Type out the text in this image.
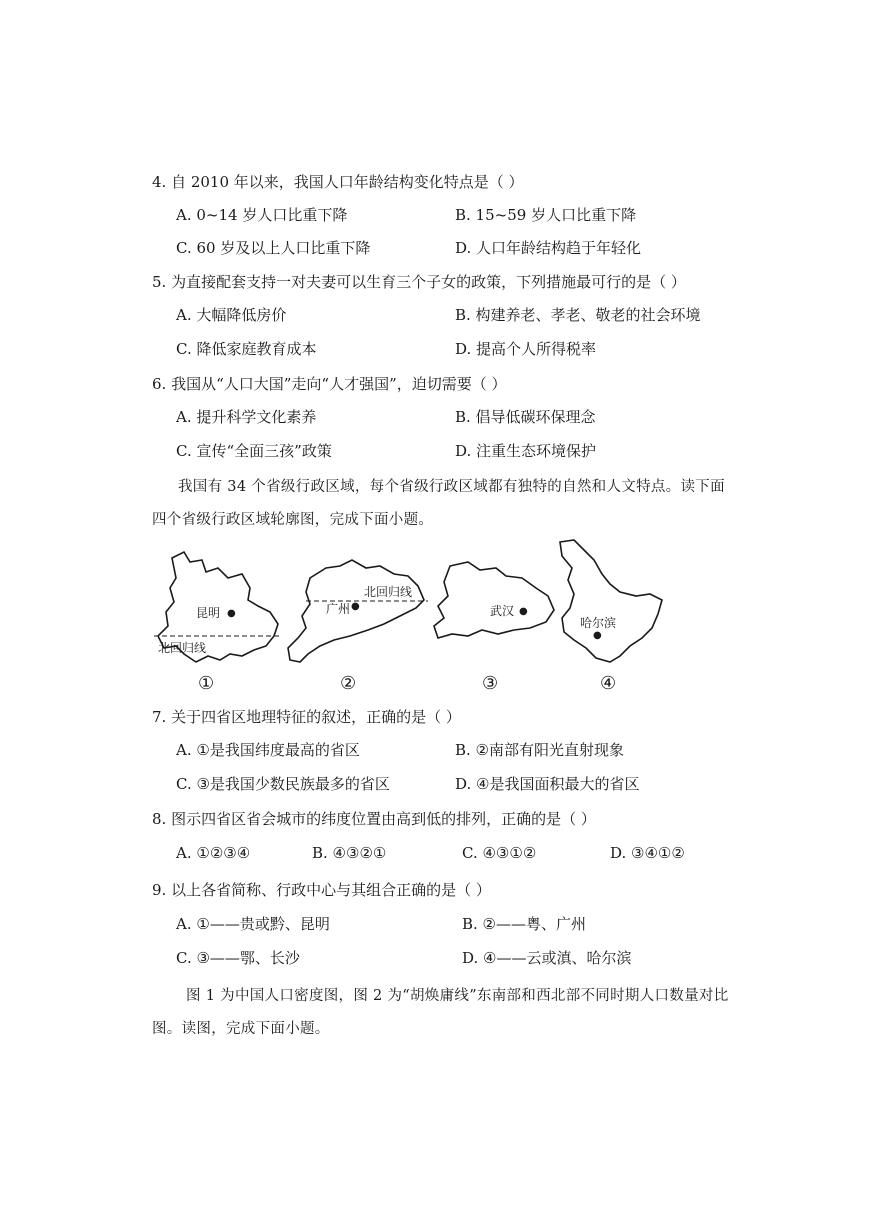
4. 自 2010 年以来，我国人口年龄结构变化特点是（ ）
A. 0~14 岁人口比重下降	B. 15~59 岁人口比重下降
C. 60 岁及以上人口比重下降	D. 人口年龄结构趋于年轻化
5. 为直接配套支持一对夫妻可以生育三个子女的政策，下列措施最可行的是（ ）
A. 大幅降低房价	B. 构建养老、孝老、敬老的社会环境
C. 降低家庭教育成本	D. 提高个人所得税率
6. 我国从“人口大国”走向“人才强国”，迫切需要（ ）
A. 提升科学文化素养	B. 倡导低碳环保理念
C. 宣传“全面三孩”政策	D. 注重生态环境保护
我国有 34 个省级行政区域，每个省级行政区域都有独特的自然和人文特点。读下面
四个省级行政区域轮廓图，完成下面小题。
北回归线
北回归线
昆明 ●	广州 ●	武汉 ●
哈尔滨
●
①	②	③	④
7. 关于四省区地理特征的叙述，正确的是（ ）
A. ①是我国纬度最高的省区	B. ②南部有阳光直射现象
C. ③是我国少数民族最多的省区	D. ④是我国面积最大的省区
8. 图示四省区省会城市的纬度位置由高到低的排列，正确的是（ ）
A. ①②③④	B. ④③②①	C. ④③①②	D. ③④①②
9. 以上各省简称、行政中心与其组合正确的是（ ）
A. ①——贵或黔、昆明	B. ②——粤、广州
C. ③——鄂、长沙	D. ④——云或滇、哈尔滨
图 1 为中国人口密度图，图 2 为“胡焕庸线”东南部和西北部不同时期人口数量对比
图。读图，完成下面小题。
